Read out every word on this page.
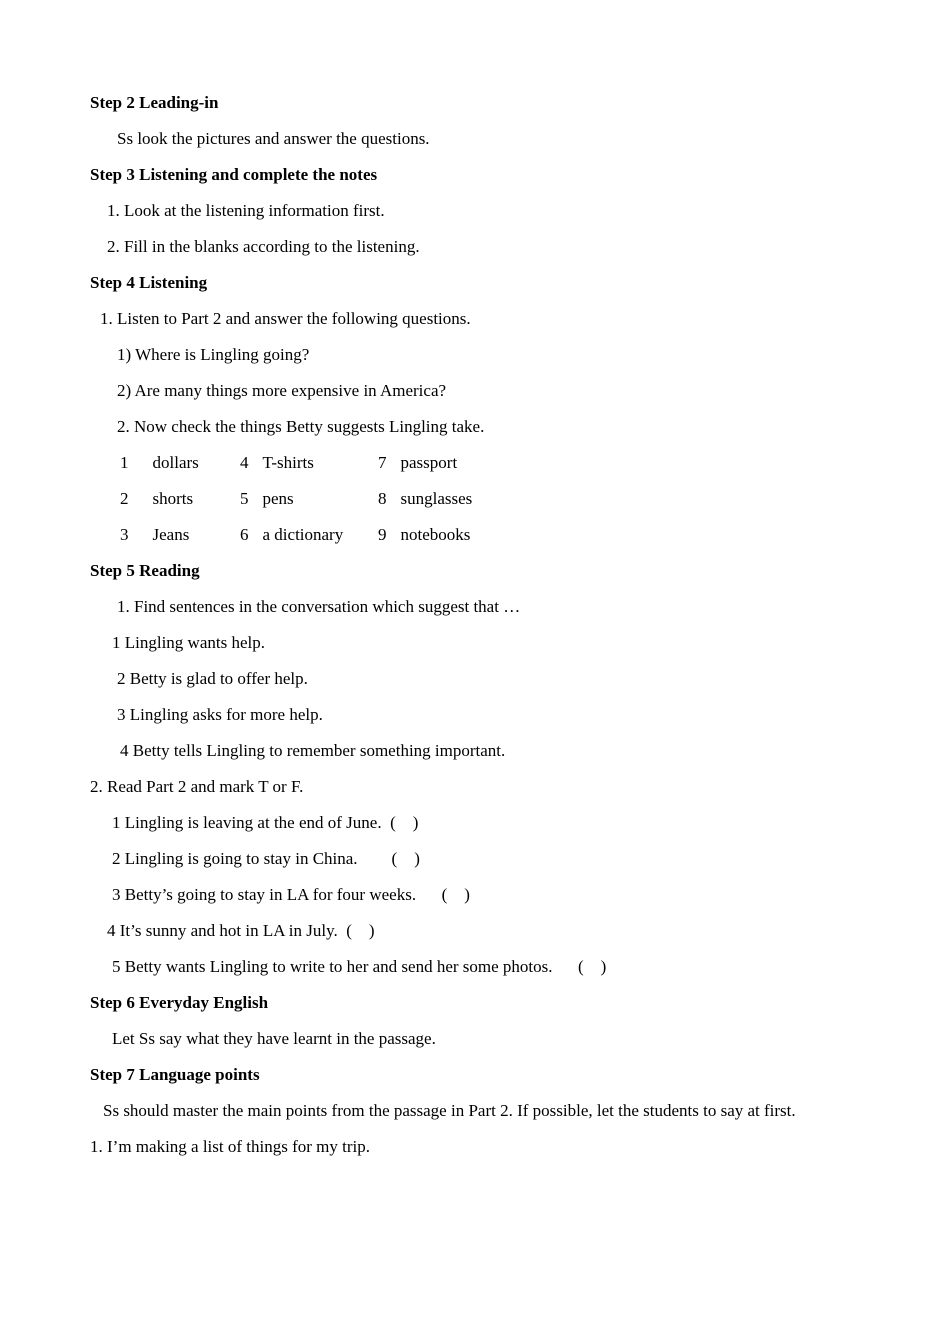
Step 2 Leading-in

Ss look the pictures and answer the questions.

Step 3 Listening and complete the notes

1. Look at the listening information first.

2. Fill in the blanks according to the listening.

Step 4 Listening

1. Listen to Part 2 and answer the following questions.

1) Where is Lingling going?

2) Are many things more expensive in America?

2. Now check the things Betty suggests Lingling take.

1 dollars 4 T-shirts	7 passport
2 shorts	5 pens	8 sunglasses
3 Jeans	6 a dictionary 9 notebooks

Step 5 Reading

1. Find sentences in the conversation which suggest that …

1 Lingling wants help.

2 Betty is glad to offer help.

3 Lingling asks for more help.

4 Betty tells Lingling to remember something important.

2. Read Part 2 and mark T or F.

1 Lingling is leaving at the end of June.  (    )

2 Lingling is going to stay in China.        (    )

3 Betty’s going to stay in LA for four weeks.      (    )

4 It’s sunny and hot in LA in July.  (    )

5 Betty wants Lingling to write to her and send her some photos.      (    )

Step 6 Everyday English

Let Ss say what they have learnt in the passage.

Step 7 Language points

Ss should master the main points from the passage in Part 2. If possible, let the students to say at first.

1. I’m making a list of things for my trip.
